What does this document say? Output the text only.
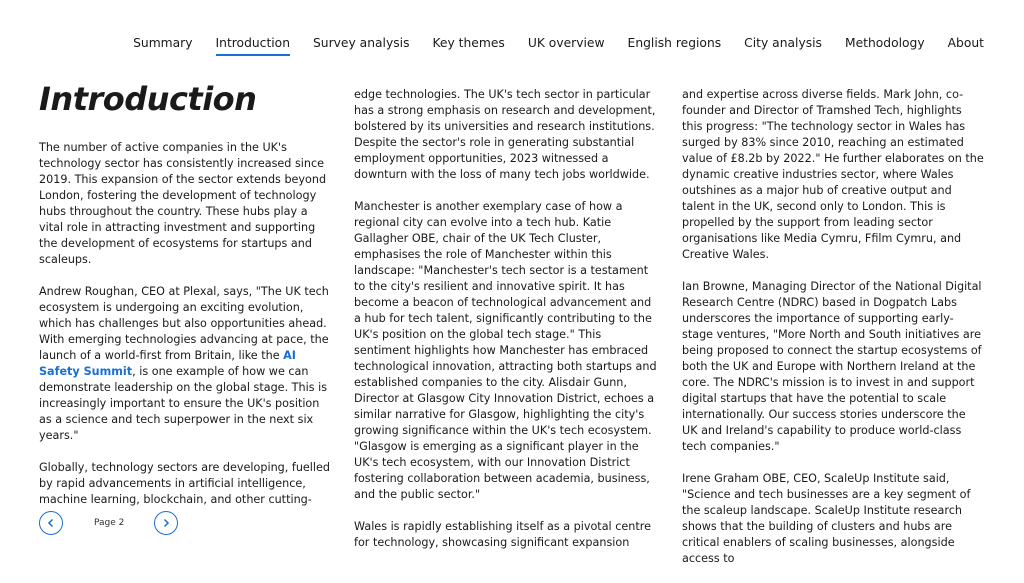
Summary Introduction Survey analysis Key themes UK overview English regions City analysis Methodology About
Introduction

The number of active companies in the UK's technology sector has consistently increased since 2019. This expansion of the sector extends beyond London, fostering the development of technology hubs throughout the country. These hubs play a vital role in attracting investment and supporting the development of ecosystems for startups and scaleups.

Andrew Roughan, CEO at Plexal, says, "The UK tech ecosystem is undergoing an exciting evolution, which has challenges but also opportunities ahead. With emerging technologies advancing at pace, the launch of a world-first from Britain, like the AI Safety Summit, is one example of how we can demonstrate leadership on the global stage. This is increasingly important to ensure the UK's position as a science and tech superpower in the next six years."

Globally, technology sectors are developing, fuelled by rapid advancements in artificial intelligence, machine learning, blockchain, and other cutting-

edge technologies. The UK's tech sector in particular has a strong emphasis on research and development, bolstered by its universities and research institutions. Despite the sector's role in generating substantial employment opportunities, 2023 witnessed a downturn with the loss of many tech jobs worldwide.

Manchester is another exemplary case of how a regional city can evolve into a tech hub. Katie Gallagher OBE, chair of the UK Tech Cluster, emphasises the role of Manchester within this landscape: "Manchester's tech sector is a testament to the city's resilient and innovative spirit. It has become a beacon of technological advancement and a hub for tech talent, significantly contributing to the UK's position on the global tech stage." This sentiment highlights how Manchester has embraced technological innovation, attracting both startups and established companies to the city. Alisdair Gunn, Director at Glasgow City Innovation District, echoes a similar narrative for Glasgow, highlighting the city's growing significance within the UK's tech ecosystem. "Glasgow is emerging as a significant player in the UK's tech ecosystem, with our Innovation District fostering collaboration between academia, business, and the public sector."

Wales is rapidly establishing itself as a pivotal centre for technology, showcasing significant expansion

and expertise across diverse fields. Mark John, co-founder and Director of Tramshed Tech, highlights this progress: "The technology sector in Wales has surged by 83% since 2010, reaching an estimated value of £8.2b by 2022." He further elaborates on the dynamic creative industries sector, where Wales outshines as a major hub of creative output and talent in the UK, second only to London. This is propelled by the support from leading sector organisations like Media Cymru, Ffilm Cymru, and Creative Wales.

Ian Browne, Managing Director of the National Digital Research Centre (NDRC) based in Dogpatch Labs underscores the importance of supporting early-stage ventures, "More North and South initiatives are being proposed to connect the startup ecosystems of both the UK and Europe with Northern Ireland at the core. The NDRC's mission is to invest in and support digital startups that have the potential to scale internationally. Our success stories underscore the UK and Ireland's capability to produce world-class tech companies."

Irene Graham OBE, CEO, ScaleUp Institute said, "Science and tech businesses are a key segment of the scaleup landscape. ScaleUp Institute research shows that the building of clusters and hubs are critical enablers of scaling businesses, alongside access to

Page 2
